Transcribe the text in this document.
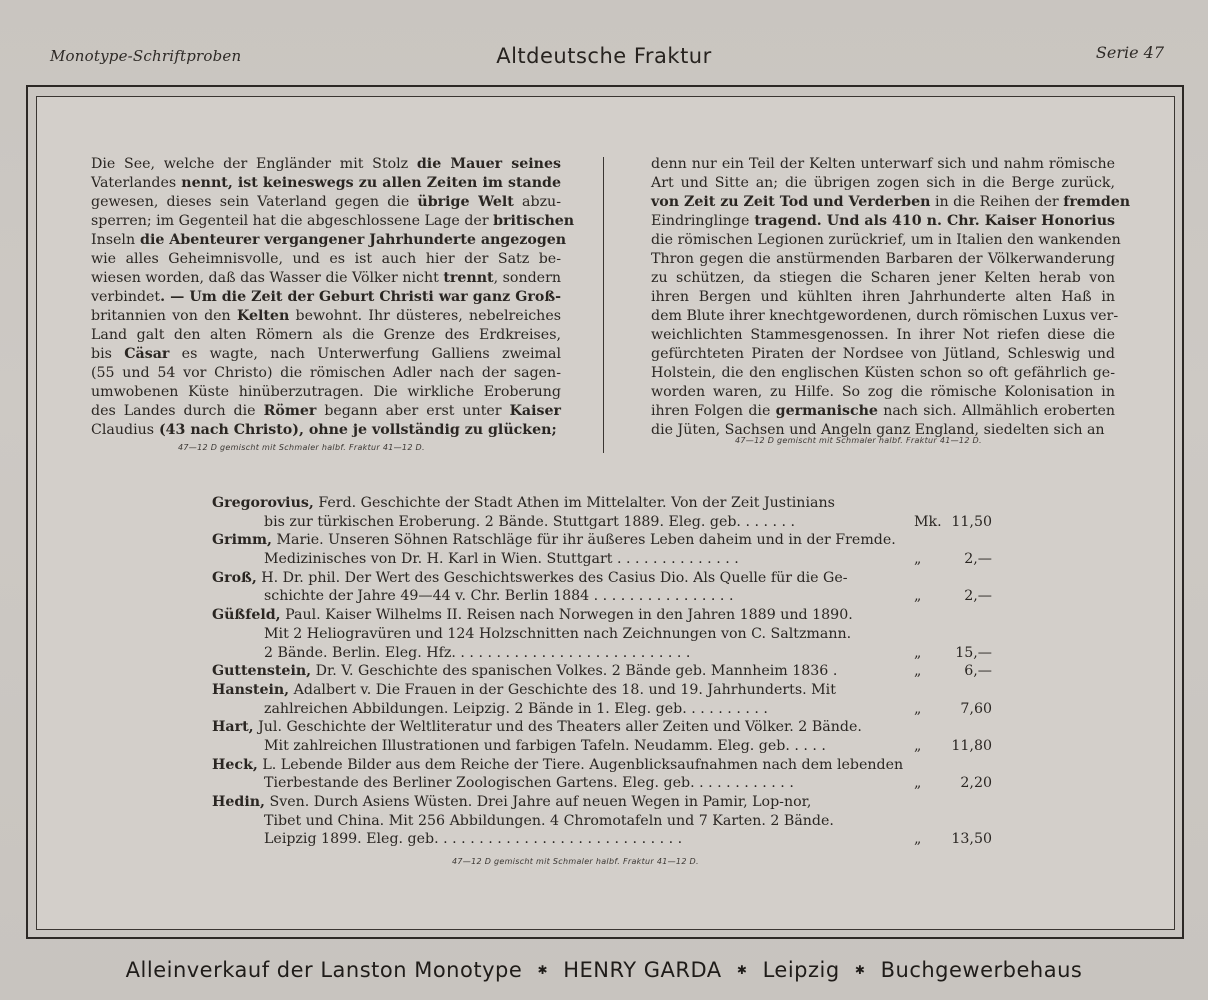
Monotype-Schriftproben	Altdeutsche Fraktur	Serie 47
Die See, welche der Engländer mit Stolz die Mauer seines
Vaterlandes nennt, ist keineswegs zu allen Zeiten im stande
gewesen, dieses sein Vaterland gegen die übrige Welt abzu-
sperren; im Gegenteil hat die abgeschlossene Lage der britischen
Inseln die Abenteurer vergangener Jahrhunderte angezogen
wie alles Geheimnisvolle, und es ist auch hier der Satz be-
wiesen worden, daß das Wasser die Völker nicht trennt, sondern
verbindet. — Um die Zeit der Geburt Christi war ganz Groß-
britannien von den Kelten bewohnt. Ihr düsteres, nebelreiches
Land galt den alten Römern als die Grenze des Erdkreises,
bis Cäsar es wagte, nach Unterwerfung Galliens zweimal
(55 und 54 vor Christo) die römischen Adler nach der sagen-
umwobenen Küste hinüberzutragen. Die wirkliche Eroberung
des Landes durch die Römer begann aber erst unter Kaiser
Claudius (43 nach Christo), ohne je vollständig zu glücken;
denn nur ein Teil der Kelten unterwarf sich und nahm römische
Art und Sitte an; die übrigen zogen sich in die Berge zurück,
von Zeit zu Zeit Tod und Verderben in die Reihen der fremden
Eindringlinge tragend. Und als 410 n. Chr. Kaiser Honorius
die römischen Legionen zurückrief, um in Italien den wankenden
Thron gegen die anstürmenden Barbaren der Völkerwanderung
zu schützen, da stiegen die Scharen jener Kelten herab von
ihren Bergen und kühlten ihren Jahrhunderte alten Haß in
dem Blute ihrer knechtgewordenen, durch römischen Luxus ver-
weichlichten Stammesgenossen. In ihrer Not riefen diese die
gefürchteten Piraten der Nordsee von Jütland, Schleswig und
Holstein, die den englischen Küsten schon so oft gefährlich ge-
worden waren, zu Hilfe. So zog die römische Kolonisation in
ihren Folgen die germanische nach sich. Allmählich eroberten
die Jüten, Sachsen und Angeln ganz England, siedelten sich an
47—12 D gemischt mit Schmaler halbf. Fraktur 41—12 D.
47—12 D gemischt mit Schmaler halbf. Fraktur 41—12 D.
Gregorovius, Ferd. Geschichte der Stadt Athen im Mittelalter. Von der Zeit Justinians
bis zur türkischen Eroberung. 2 Bände. Stuttgart 1889. Eleg. geb. . . . . . .	Mk. 11,50
Grimm, Marie. Unseren Söhnen Ratschläge für ihr äußeres Leben daheim und in der Fremde.
Medizinisches von Dr. H. Karl in Wien. Stuttgart . . . . . . . . . . . . . .	„	2,—
Groß, H. Dr. phil. Der Wert des Geschichtswerkes des Casius Dio. Als Quelle für die Ge-
schichte der Jahre 49—44 v. Chr. Berlin 1884 . . . . . . . . . . . . . . . .	„	2,—
Güßfeld, Paul. Kaiser Wilhelms II. Reisen nach Norwegen in den Jahren 1889 und 1890.
Mit 2 Heliogravüren und 124 Holzschnitten nach Zeichnungen von C. Saltzmann.
2 Bände. Berlin. Eleg. Hfz. . . . . . . . . . . . . . . . . . . . . . . . . . .	„ 15,—
Guttenstein, Dr. V. Geschichte des spanischen Volkes. 2 Bände geb. Mannheim 1836 .	„	6,—
Hanstein, Adalbert v. Die Frauen in der Geschichte des 18. und 19. Jahrhunderts. Mit
zahlreichen Abbildungen. Leipzig. 2 Bände in 1. Eleg. geb. . . . . . . . . .	„	7,60
Hart, Jul. Geschichte der Weltliteratur und des Theaters aller Zeiten und Völker. 2 Bände.
Mit zahlreichen Illustrationen und farbigen Tafeln. Neudamm. Eleg. geb. . . . .	„ 11,80
Heck, L. Lebende Bilder aus dem Reiche der Tiere. Augenblicksaufnahmen nach dem lebenden
Tierbestande des Berliner Zoologischen Gartens. Eleg. geb. . . . . . . . . . . .	„	2,20
Hedin, Sven. Durch Asiens Wüsten. Drei Jahre auf neuen Wegen in Pamir, Lop-nor,
Tibet und China. Mit 256 Abbildungen. 4 Chromotafeln und 7 Karten. 2 Bände.
Leipzig 1899. Eleg. geb. . . . . . . . . . . . . . . . . . . . . . . . . . . .	„ 13,50
47—12 D gemischt mit Schmaler halbf. Fraktur 41—12 D.
Alleinverkauf der Lanston Monotype ✱ HENRY GARDA ✱ Leipzig ✱ Buchgewerbehaus
